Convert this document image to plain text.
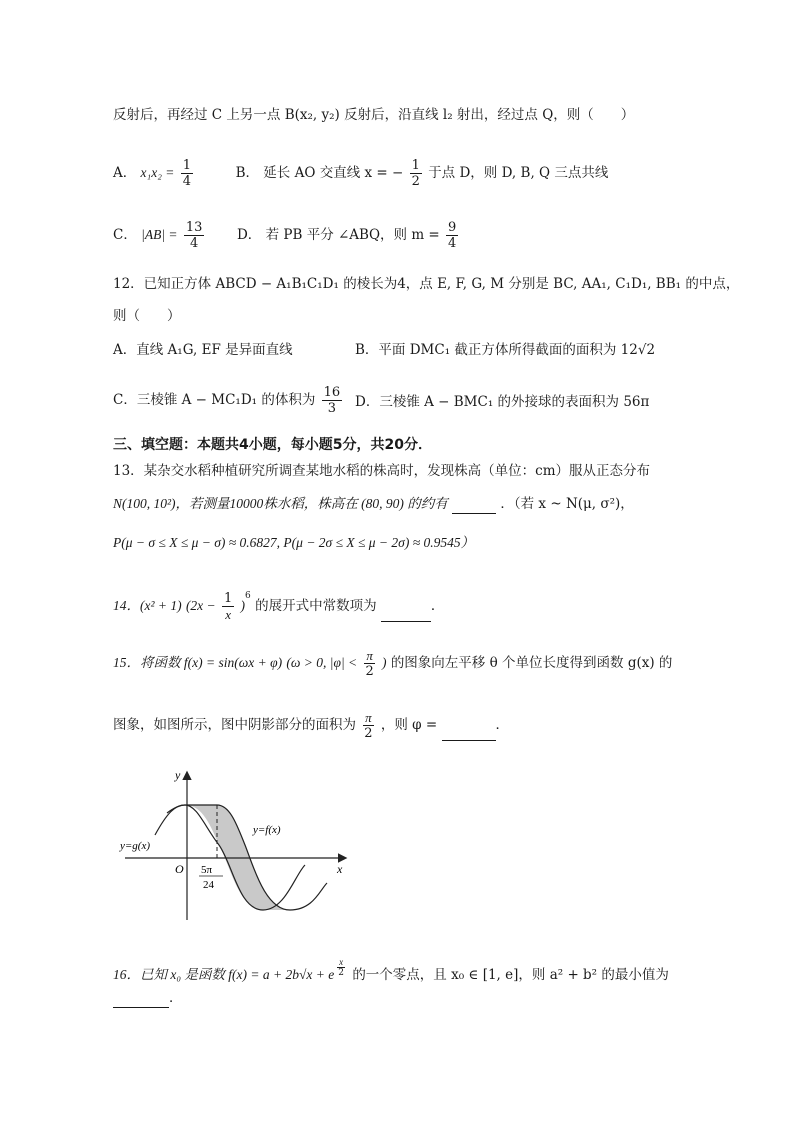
反射后，再经过 C 上另一点 B(x₂, y₂) 反射后，沿直线 l₂ 射出，经过点 Q，则（　　）
A． $x_1x_2 = \frac{1}{4}$	B． 延长 AO 交直线 x = − $\frac{1}{2}$ 于点 D，则 D, B, Q 三点共线
C． $|AB| = \frac{13}{4}$ D． 若 PB 平分 ∠ABQ，则 $m = \frac{9}{4}$
12．已知正方体 ABCD − A₁B₁C₁D₁ 的棱长为4，点 E, F, G, M 分别是 BC, AA₁, C₁D₁, BB₁ 的中点，
则（　　）
A．直线 A₁G, EF 是异面直线	B．平面 DMC₁ 截正方体所得截面的面积为 12√2
C．三棱锥 A − MC₁D₁ 的体积为 $\frac{16}{3}$ D．三棱锥 A − BMC₁ 的外接球的表面积为 56π
三、填空题：本题共4小题，每小题5分，共20分．
13．某杂交水稻种植研究所调查某地水稻的株高时，发现株高（单位：cm）服从正态分布
N(100, 10²)，若测量10000株水稻，株高在 (80, 90) 的约有	．（若 x ~ N(μ, σ²)，
P(μ − σ ≤ X ≤ μ − σ) ≈ 0.6827, P(μ − 2σ ≤ X ≤ μ − 2σ) ≈ 0.9545）
14．(x² + 1) $(2x - \frac{1}{x} )^6$ 的展开式中常数项为	．
15．将函数 f(x) = sin(ωx + φ) (ω > 0, $|\varphi| < \frac{\pi}{2}$ ) 的图象向左平移 θ 个单位长度得到函数 g(x) 的
图象，如图所示，图中阴影部分的面积为 $\frac{\pi}{2}$ ，则 φ =	．
y
x
O
y=g(x)
y=f(x)
5π
24
16．已知 x₀ 是函数 f(x) = a + 2b√x + e $\frac{x}{2}$ 的一个零点，且 x₀ ∈ [1, e]，则 a² + b² 的最小值为
．
